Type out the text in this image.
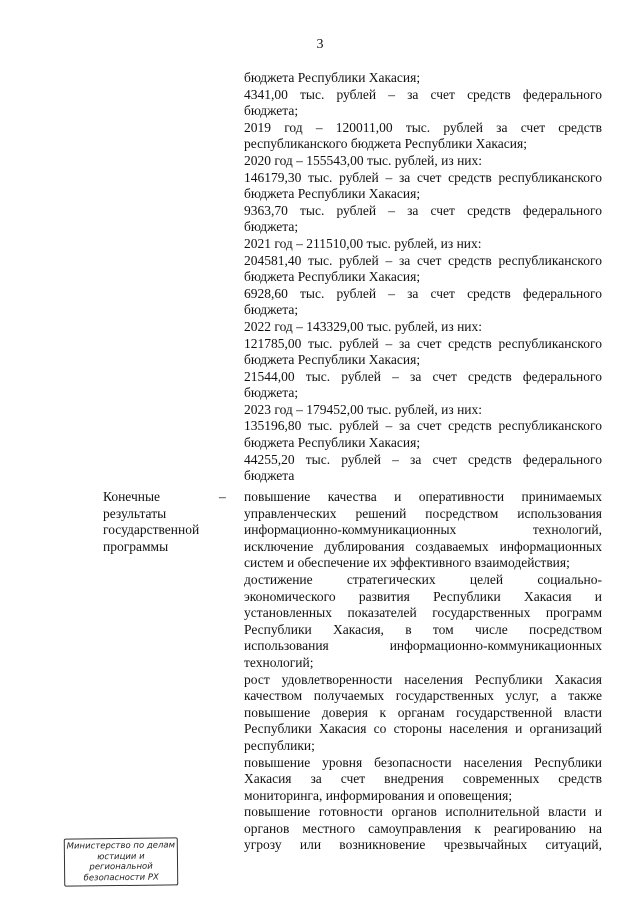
3
бюджета Республики Хакасия;
4341,00 тыс. рублей – за счет средств федерального
бюджета;
2019 год – 120011,00 тыс. рублей за счет средств
республиканского бюджета Республики Хакасия;
2020 год – 155543,00 тыс. рублей, из них:
146179,30 тыс. рублей – за счет средств республиканского
бюджета Республики Хакасия;
9363,70 тыс. рублей – за счет средств федерального
бюджета;
2021 год – 211510,00 тыс. рублей, из них:
204581,40 тыс. рублей – за счет средств республиканского
бюджета Республики Хакасия;
6928,60 тыс. рублей – за счет средств федерального
бюджета;
2022 год – 143329,00 тыс. рублей, из них:
121785,00 тыс. рублей – за счет средств республиканского
бюджета Республики Хакасия;
21544,00 тыс. рублей – за счет средств федерального
бюджета;
2023 год – 179452,00 тыс. рублей, из них:
135196,80 тыс. рублей – за счет средств республиканского
бюджета Республики Хакасия;
44255,20 тыс. рублей – за счет средств федерального
бюджета
Конечные
результаты
государственной
программы
– повышение качества и оперативности принимаемых
управленческих решений посредством использования
информационно-коммуникационных технологий,
исключение дублирования создаваемых информационных
систем и обеспечение их эффективного взаимодействия;
достижение стратегических целей социально-
экономического развития Республики Хакасия и
установленных показателей государственных программ
Республики Хакасия, в том числе посредством
использования информационно-коммуникационных
технологий;
рост удовлетворенности населения Республики Хакасия
качеством получаемых государственных услуг, а также
повышение доверия к органам государственной власти
Республики Хакасия со стороны населения и организаций
республики;
повышение уровня безопасности населения Республики
Хакасия за счет внедрения современных средств
мониторинга, информирования и оповещения;
повышение готовности органов исполнительной власти и
органов местного самоуправления к реагированию на
угрозу или возникновение чрезвычайных ситуаций,
Министерство по делам
юстиции и региональной
безопасности РХ
